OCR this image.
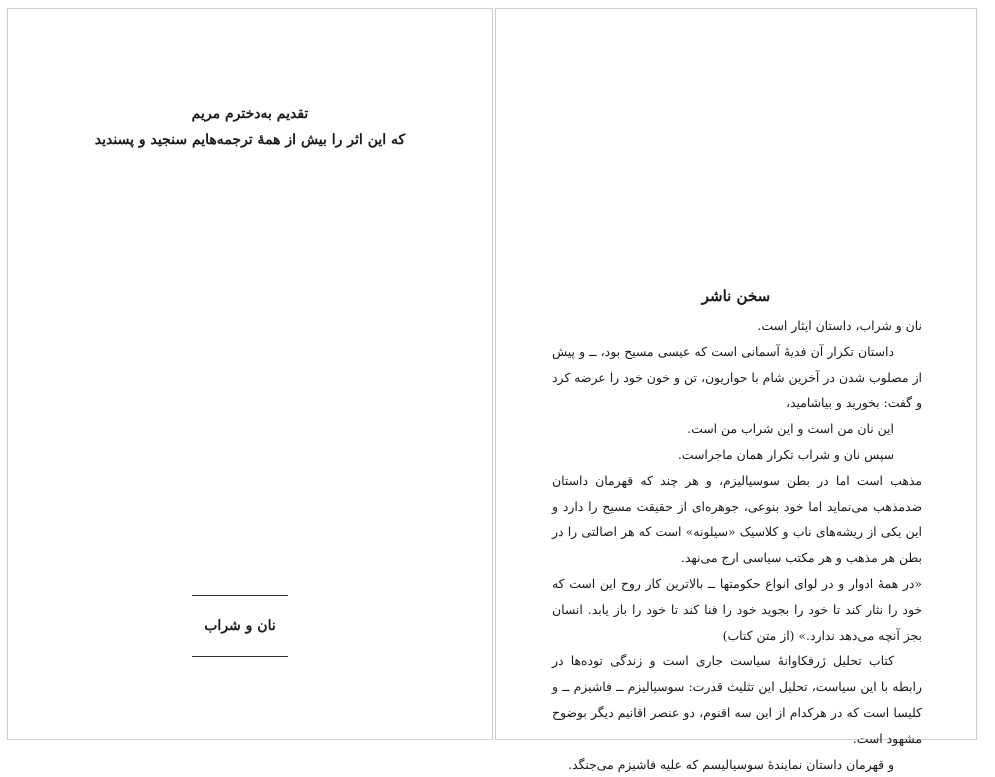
تقدیم به‌دخترم مریم
که این اثر را بیش از همهٔ ترجمه‌هایم سنجید و پسندید
نان و شراب
سخن ناشر

نان و شراب، داستان ایثار است.

داستان تکرار آن فدیهٔ آسمانی است که عیسی مسیح بود، ــ و پیش از مصلوب شدن در آخرین شام با حواریون، تن و خون خود را عرضه کرد و گفت: بخورید و بیاشامید،

این نان من است و این شراب من است.

سپس نان و شراب تکرار همان ماجراست.

مذهب است اما در بطن سوسیالیزم، و هر چند که قهرمان داستان ضدمذهب می‌نماید اما خود بنوعی، جوهره‌ای از حقیقت مسیح را دارد و این یکی از ریشه‌های ناب و کلاسیک «سیلونه» است که هر اصالتی را در بطن هر مذهب و هر مکتب سیاسی ارج می‌نهد.

«در همهٔ ادوار و در لوای انواع حکومتها ــ بالاترین کار روح این است که خود را نثار کند تا خود را بجوید خود را فنا کند تا خود را باز یابد. انسان بجز آنچه می‌دهد ندارد.» (از متن کتاب)

کتاب تحلیل ژرفکاوانهٔ سیاست جاری است و زندگی توده‌ها در رابطه با این سیاست، تحلیل این تثلیث قدرت: سوسیالیزم ــ فاشیزم ــ و کلیسا است که در هرکدام از این سه اقنوم، دو عنصر اقانیم دیگر بوضوح مشهود است.

و قهرمان داستان نمایندهٔ سوسیالیسم که علیه فاشیزم می‌جنگد.
